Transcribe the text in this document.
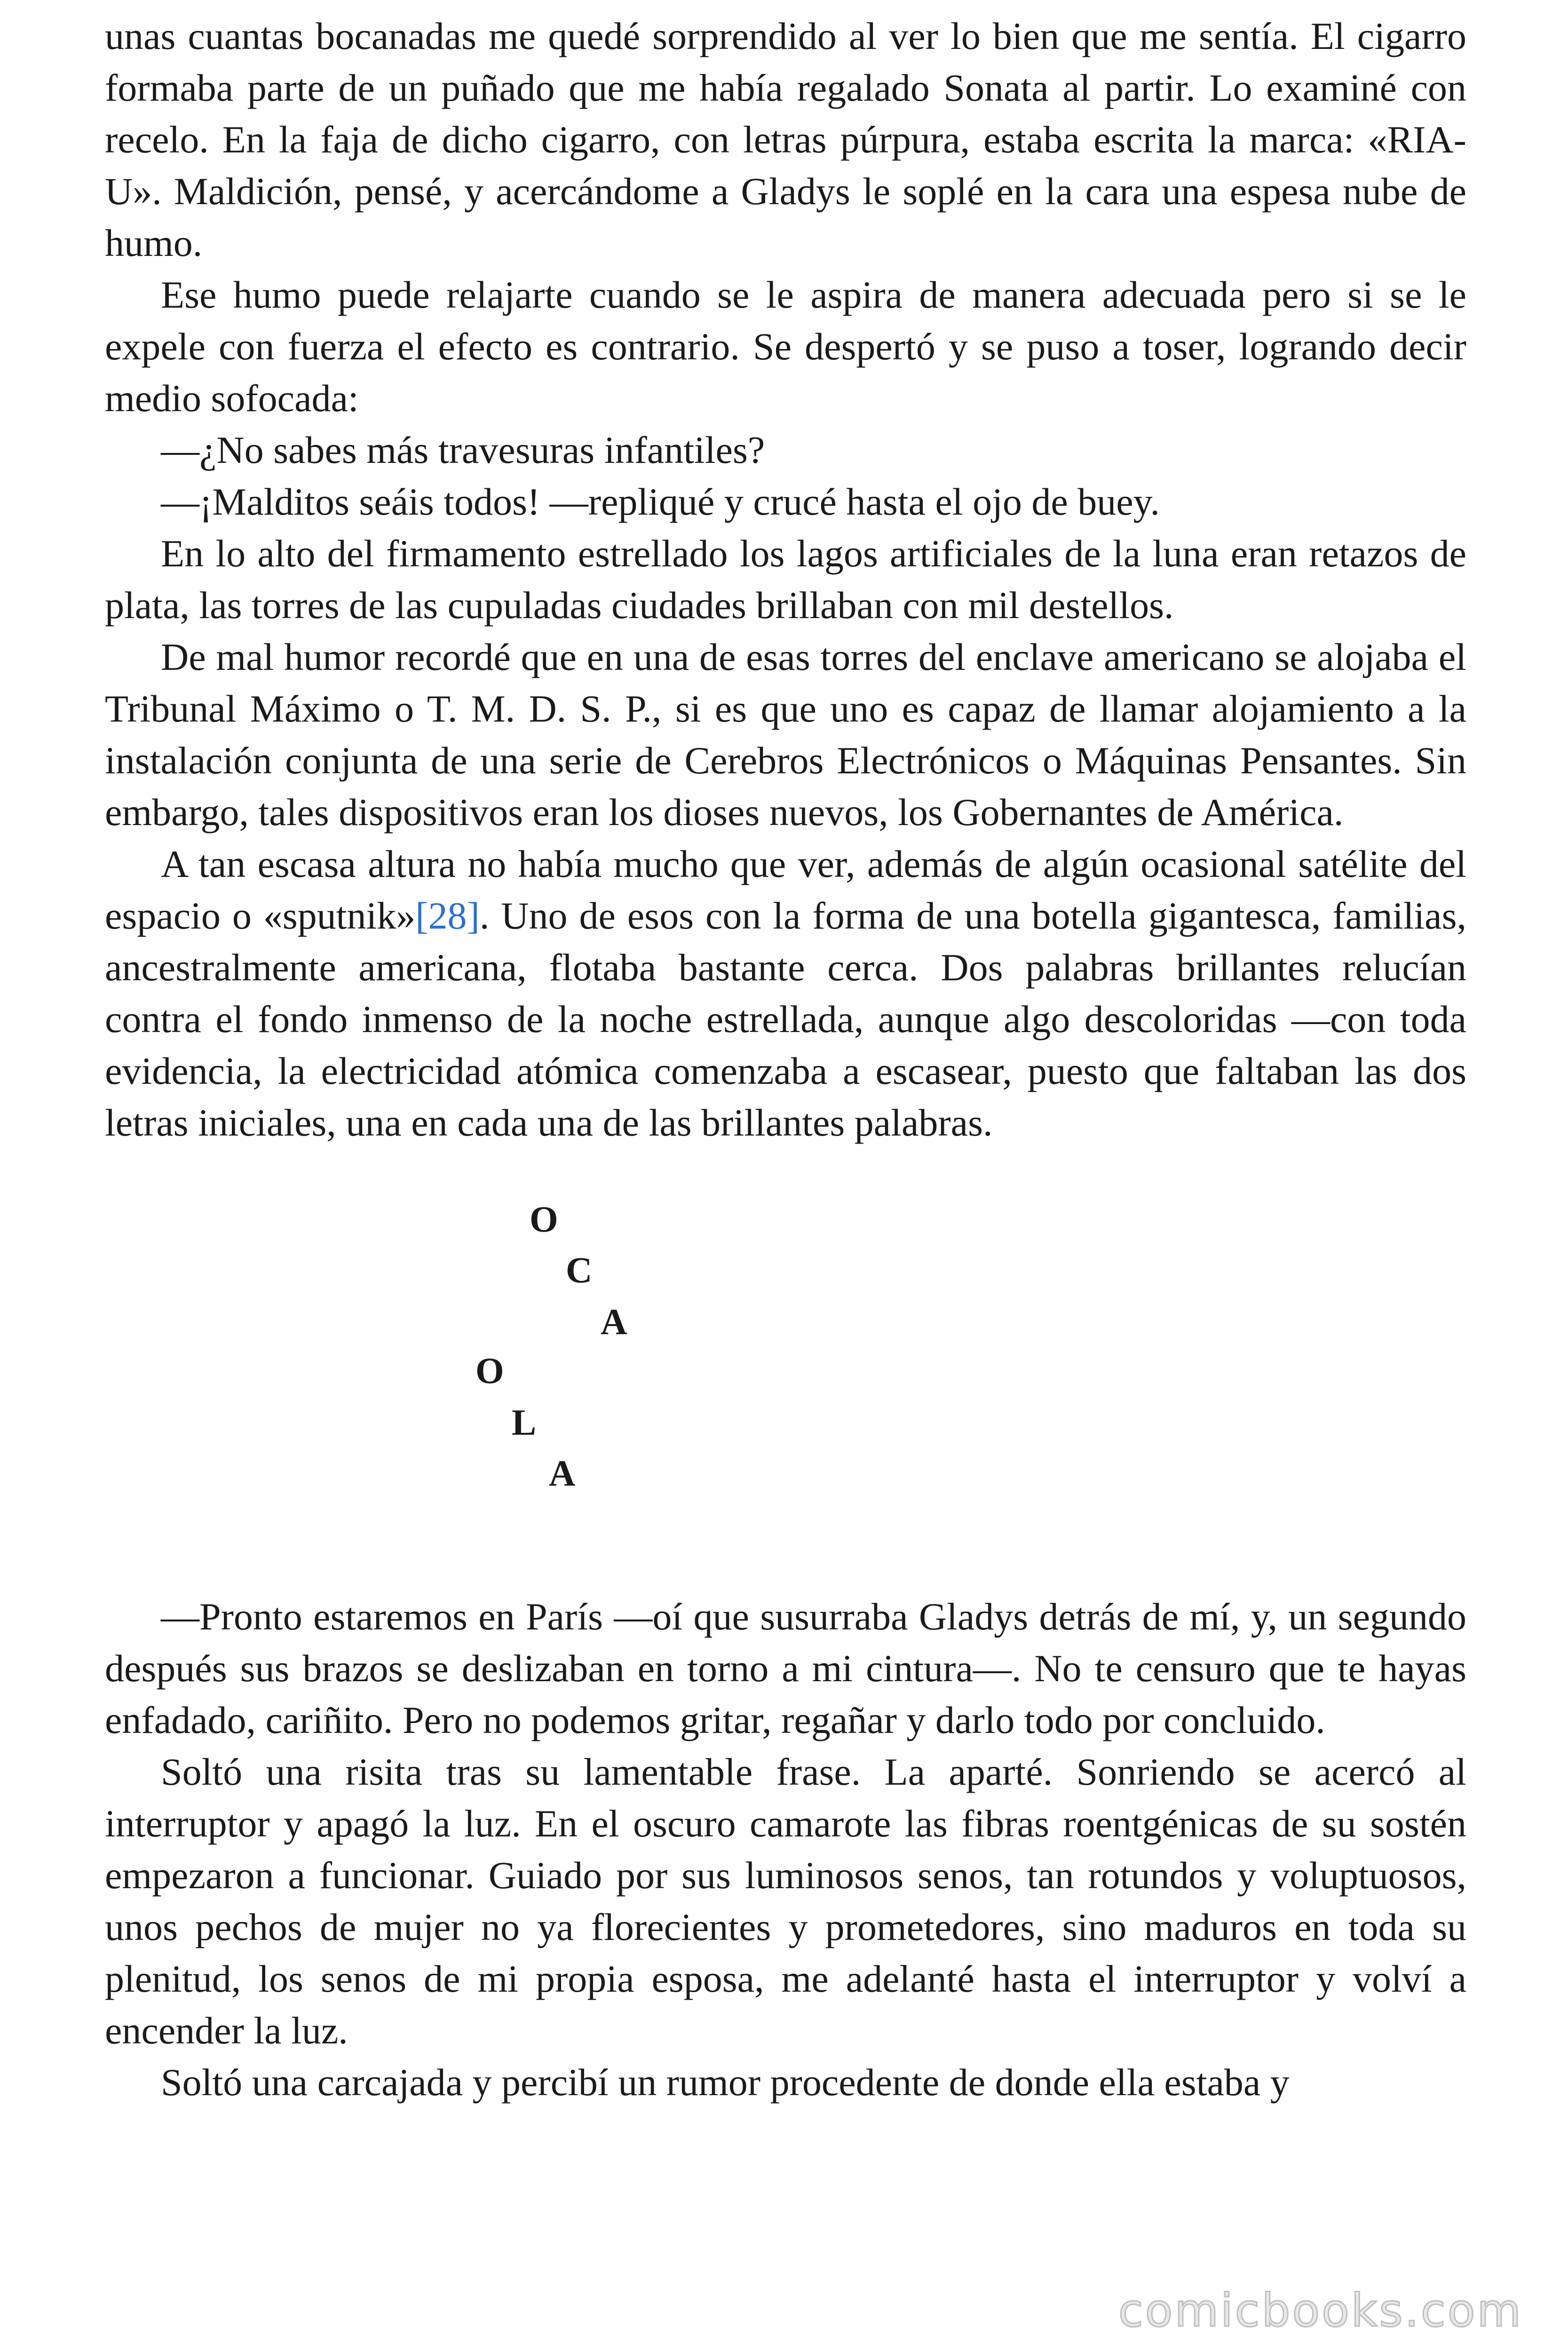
unas cuantas bocanadas me quedé sorprendido al ver lo bien que me sentía. El cigarro formaba parte de un puñado que me había regalado Sonata al partir. Lo examiné con recelo. En la faja de dicho cigarro, con letras púrpura, estaba escrita la marca: «RIA-U». Maldición, pensé, y acercándome a Gladys le soplé en la cara una espesa nube de humo.

Ese humo puede relajarte cuando se le aspira de manera adecuada pero si se le expele con fuerza el efecto es contrario. Se despertó y se puso a toser, logrando decir medio sofocada:

—¿No sabes más travesuras infantiles?

—¡Malditos seáis todos! —repliqué y crucé hasta el ojo de buey.

En lo alto del firmamento estrellado los lagos artificiales de la luna eran retazos de plata, las torres de las cupuladas ciudades brillaban con mil destellos.

De mal humor recordé que en una de esas torres del enclave americano se alojaba el Tribunal Máximo o T. M. D. S. P., si es que uno es capaz de llamar alojamiento a la instalación conjunta de una serie de Cerebros Electrónicos o Máquinas Pensantes. Sin embargo, tales dispositivos eran los dioses nuevos, los Gobernantes de América.

A tan escasa altura no había mucho que ver, además de algún ocasional satélite del espacio o «sputnik»[28]. Uno de esos con la forma de una botella gigantesca, familias, ancestralmente americana, flotaba bastante cerca. Dos palabras brillantes relucían contra el fondo inmenso de la noche estrellada, aunque algo descoloridas —con toda evidencia, la electricidad atómica comenzaba a escasear, puesto que faltaban las dos letras iniciales, una en cada una de las brillantes palabras.

O
C
A
O
L
A

—Pronto estaremos en París —oí que susurraba Gladys detrás de mí, y, un segundo después sus brazos se deslizaban en torno a mi cintura—. No te censuro que te hayas enfadado, cariñito. Pero no podemos gritar, regañar y darlo todo por concluido.

Soltó una risita tras su lamentable frase. La aparté. Sonriendo se acercó al interruptor y apagó la luz. En el oscuro camarote las fibras roentgénicas de su sostén empezaron a funcionar. Guiado por sus luminosos senos, tan rotundos y voluptuosos, unos pechos de mujer no ya florecientes y prometedores, sino maduros en toda su plenitud, los senos de mi propia esposa, me adelanté hasta el interruptor y volví a encender la luz.

Soltó una carcajada y percibí un rumor procedente de donde ella estaba y

comicbooks.com
